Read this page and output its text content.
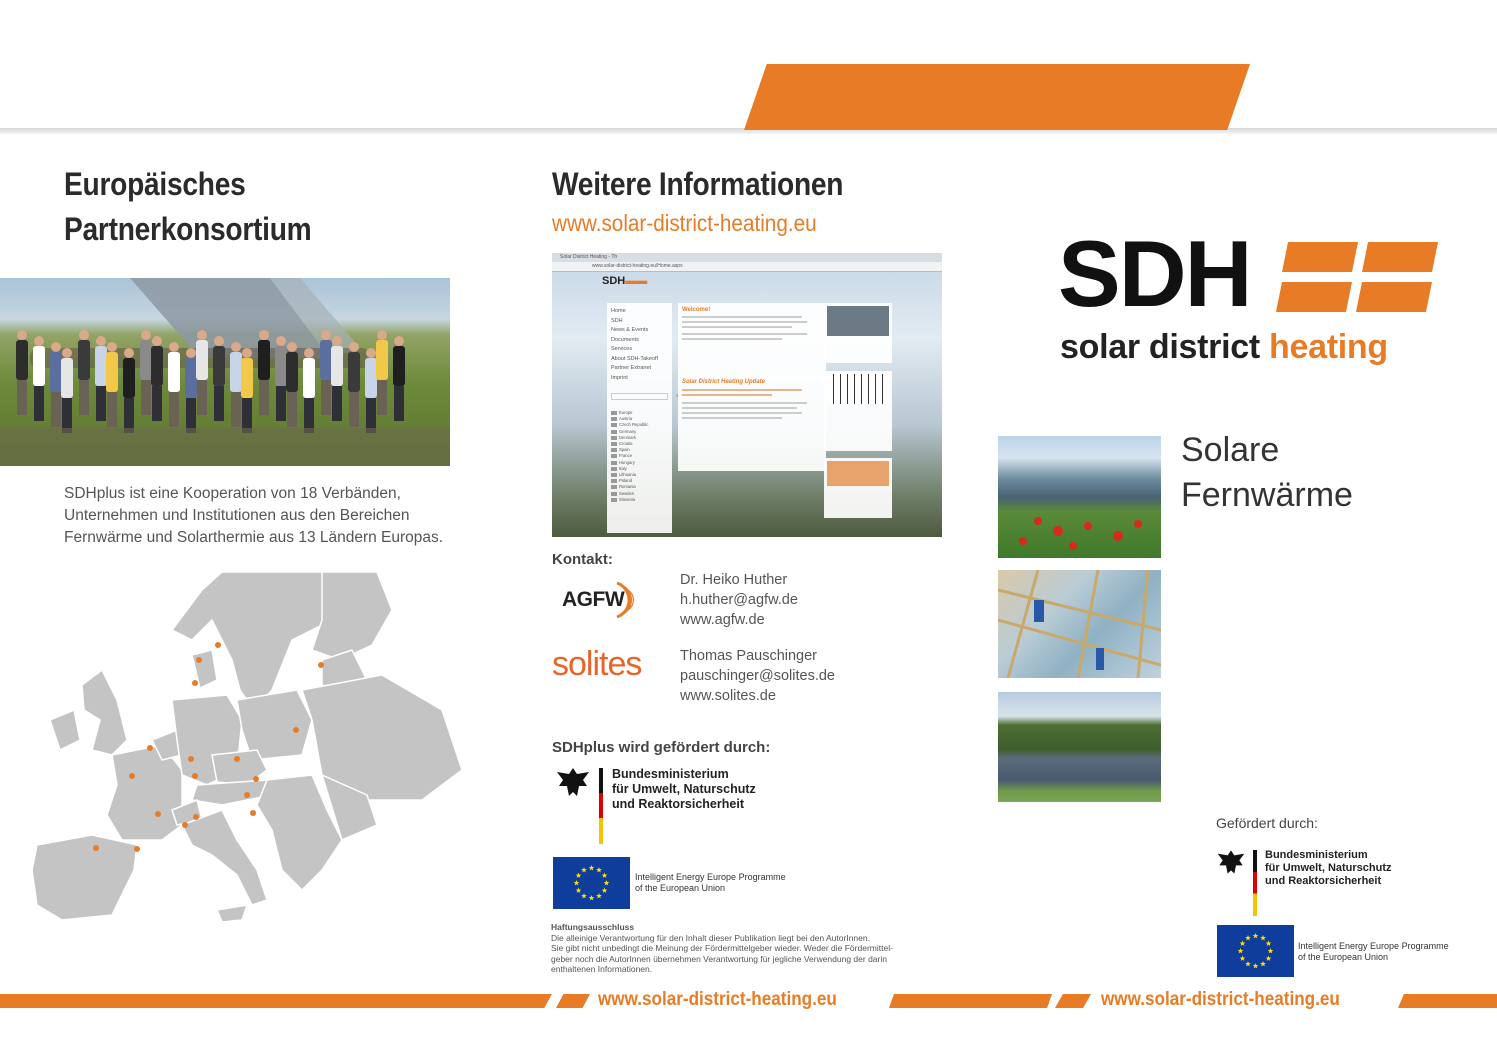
Europäisches
Partnerkonsortium
SDHplus ist eine Kooperation von 18 Verbänden,
Unternehmen und Institutionen aus den Bereichen
Fernwärme und Solarthermie aus 13 Ländern Europas.
Weitere Informationen
www.solar-district-heating.eu
Solar District Heating - Th
www.solar-district-heating.eu/Home.aspx
SDH▬▬
Home
SDH
News & Events
Documents
Services
About SDH-Takeoff
Partner Extranet
Imprint
Europe
Austria
Czech Republic
Germany
Denmark
Croatia
Spain
France
Hungary
Italy
Lithuania
Poland
Romania
Sweden
Slovenia
Welcome!
Solar District Heating Update
Kontakt:
AGFW
Dr. Heiko Huther
h.huther@agfw.de
www.agfw.de
solites	Thomas Pauschinger
pauschinger@solites.de
www.solites.de
SDHplus wird gefördert durch:
Bundesministerium
für Umwelt, Naturschutz
und Reaktorsicherheit
Intelligent Energy Europe Programme
of the European Union
Haftungsausschluss
Die alleinige Verantwortung für den Inhalt dieser Publikation liegt bei den AutorInnen.
Sie gibt nicht unbedingt die Meinung der Fördermittelgeber wieder. Weder die Fördermittel-
geber noch die AutorInnen übernehmen Verantwortung für jegliche Verwendung der darin
enthaltenen Informationen.
SDH
solar district heating
Solare
Fernwärme
Gefördert durch:
Bundesministerium
für Umwelt, Naturschutz
und Reaktorsicherheit
Intelligent Energy Europe Programme
of the European Union
www.solar-district-heating.eu	www.solar-district-heating.eu
